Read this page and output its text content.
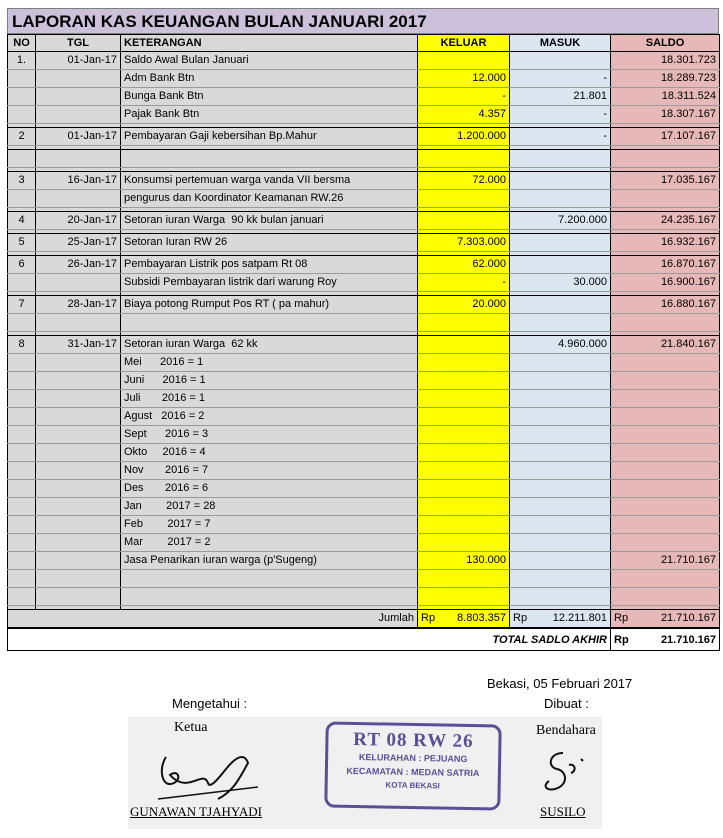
LAPORAN KAS KEUANGAN BULAN JANUARI 2017
NO	TGL	KETERANGAN	KELUAR	MASUK	SALDO
1.	01-Jan-17	Saldo Awal Bulan Januari			18.301.723
		Adm Bank Btn	12.000	-	18.289.723
		Bunga Bank Btn	-	21.801	18.311.524
		Pajak Bank Btn	4.357	-	18.307.167

2	01-Jan-17	Pembayaran Gaji kebersihan Bp.Mahur	1.200.000	-	17.107.167

3	16-Jan-17	Konsumsi pertemuan warga vanda VII bersma	72.000		17.035.167
		pengurus dan Koordinator Keamanan RW.26			

4	20-Jan-17	Setoran iuran Warga  90 kk bulan januari		7.200.000	24.235.167

5	25-Jan-17	Setoran Iuran RW 26	7.303.000		16.932.167

6	26-Jan-17	Pembayaran Listrik pos satpam Rt 08	62.000		16.870.167
		Subsidi Pembayaran listrik dari warung Roy	-	30.000	16.900.167

7	28-Jan-17	Biaya potong Rumput Pos RT ( pa mahur)	20.000		16.880.167

8	31-Jan-17	Setoran iuran Warga  62 kk		4.960.000	21.840.167
		Mei      2016 = 1			
		Juni      2016 = 1			
		Juli       2016 = 1			
		Agust   2016 = 2			
		Sept      2016 = 3			
		Okto     2016 = 4			
		Nov       2016 = 7			
		Des       2016 = 6			
		Jan        2017 = 28			
		Feb        2017 = 7			
		Mar        2017 = 2			
		Jasa Penarikan iuran warga (p'Sugeng)	130.000		21.710.167

Jumlah			Rp 8.803.357	Rp 12.211.801	Rp 21.710.167
TOTAL SADLO AKHIR	Rp	21.710.167
Bekasi, 05 Februari 2017
Mengetahui :	Dibuat :
Ketua
GUNAWAN TJAHYADI
RT 08 RW 26
KELURAHAN : PEJUANG
KECAMATAN : MEDAN SATRIA
KOTA BEKASI
Bendahara
SUSILO
